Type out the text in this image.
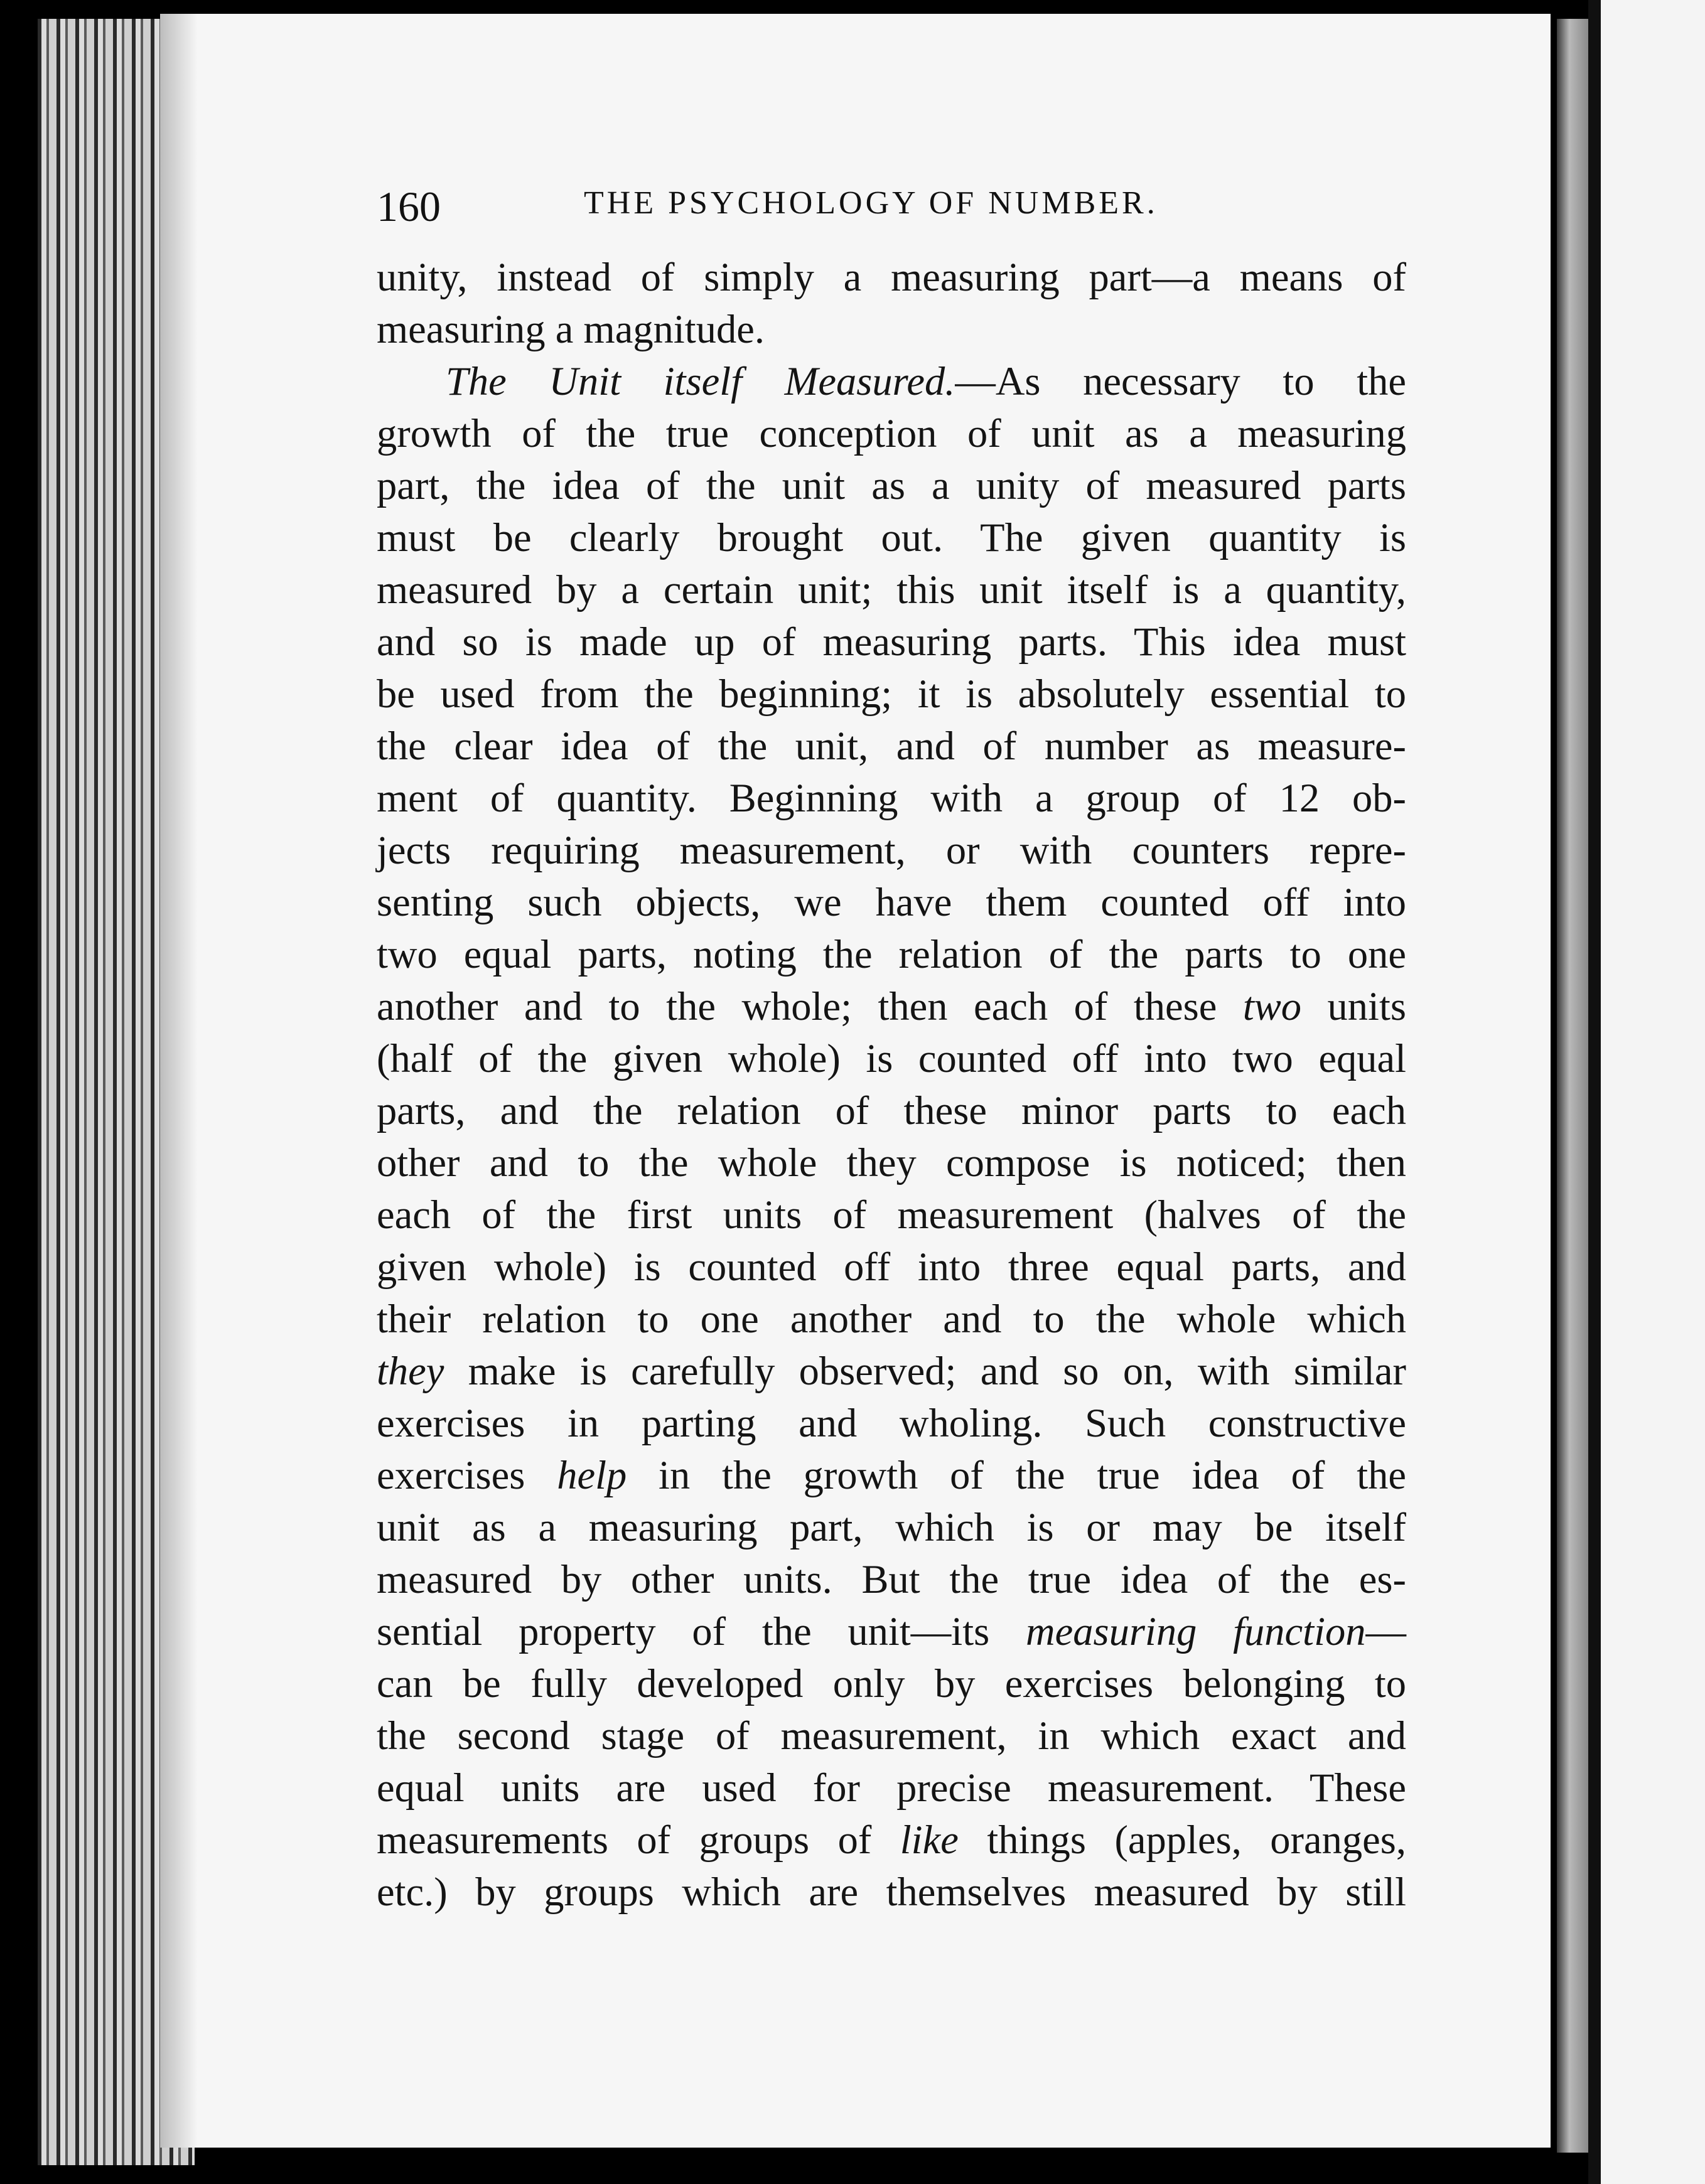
160	THE PSYCHOLOGY OF NUMBER.
unity, instead of simply a measuring part—a means of
measuring a magnitude.
The Unit itself Measured.—As necessary to the
growth of the true conception of unit as a measuring
part, the idea of the unit as a unity of measured parts
must be clearly brought out. The given quantity is
measured by a certain unit; this unit itself is a quantity,
and so is made up of measuring parts. This idea must
be used from the beginning; it is absolutely essential to
the clear idea of the unit, and of number as measure-
ment of quantity. Beginning with a group of 12 ob-
jects requiring measurement, or with counters repre-
senting such objects, we have them counted off into
two equal parts, noting the relation of the parts to one
another and to the whole; then each of these two units
(half of the given whole) is counted off into two equal
parts, and the relation of these minor parts to each
other and to the whole they compose is noticed; then
each of the first units of measurement (halves of the
given whole) is counted off into three equal parts, and
their relation to one another and to the whole which
they make is carefully observed; and so on, with similar
exercises in parting and wholing. Such constructive
exercises help in the growth of the true idea of the
unit as a measuring part, which is or may be itself
measured by other units. But the true idea of the es-
sential property of the unit—its measuring function—
can be fully developed only by exercises belonging to
the second stage of measurement, in which exact and
equal units are used for precise measurement. These
measurements of groups of like things (apples, oranges,
etc.) by groups which are themselves measured by still
